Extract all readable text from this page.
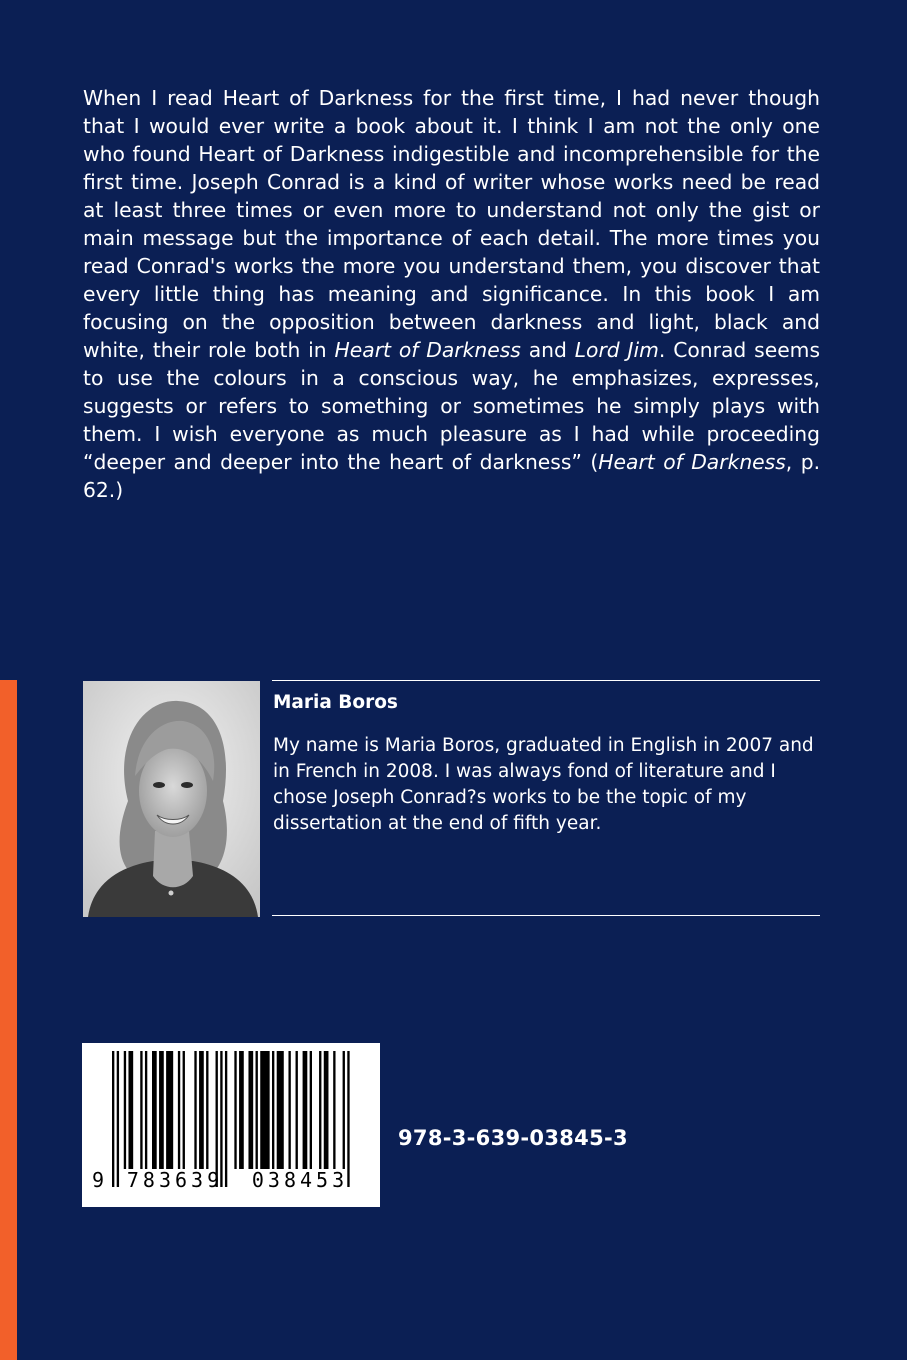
When I read Heart of Darkness for the first time, I had never though that I would ever write a book about it. I think I am not the only one who found Heart of Darkness indigestible and incomprehensible for the first time. Joseph Conrad is a kind of writer whose works need be read at least three times or even more to understand not only the gist or main message but the importance of each detail. The more times you read Conrad's works the more you understand them, you discover that every little thing has meaning and significance. In this book I am focusing on the opposition between darkness and light, black and white, their role both in Heart of Darkness and Lord Jim. Conrad seems to use the colours in a conscious way, he emphasizes, expresses, suggests or refers to something or sometimes he simply plays with them. I wish everyone as much pleasure as I had while proceeding “deeper and deeper into the heart of darkness” (Heart of Darkness, p. 62.)

Maria Boros

My name is Maria Boros, graduated in English in 2007 and in French in 2008. I was always fond of literature and I chose Joseph Conrad?s works to be the topic of my dissertation at the end of fifth year.

9 783639 038453

978-3-639-03845-3
